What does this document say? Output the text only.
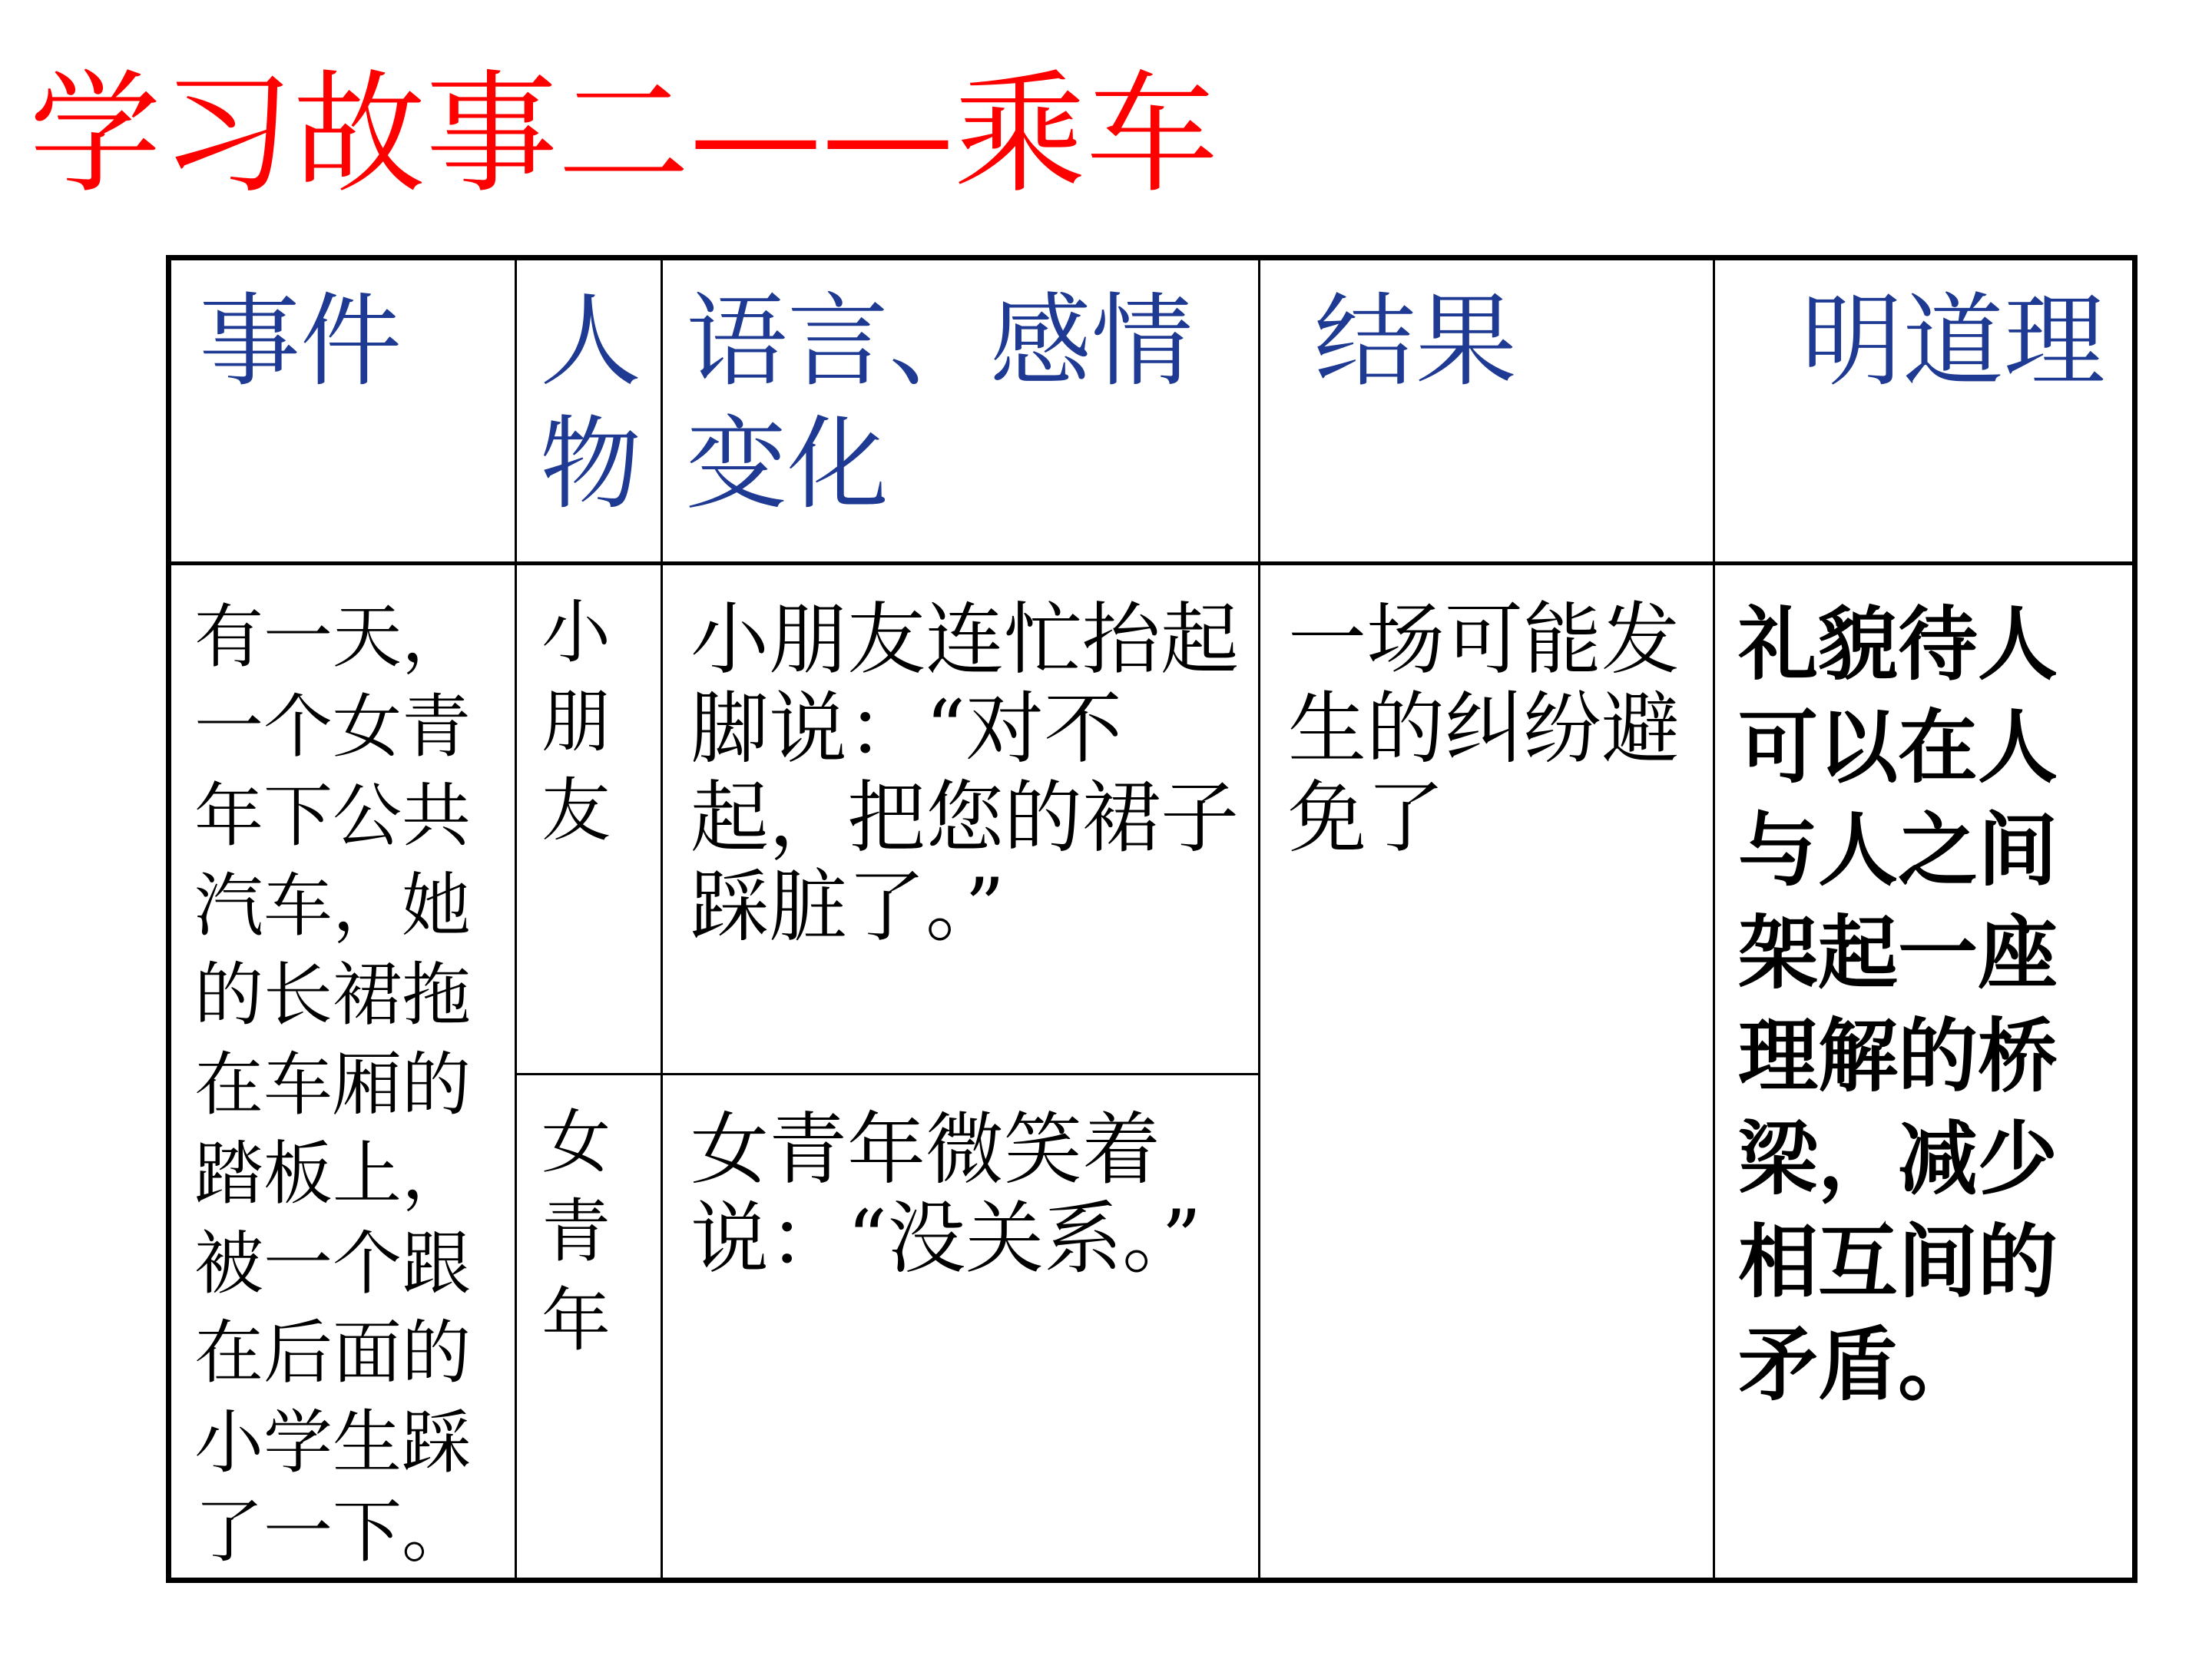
学习故事二——乘车
事件	人物	语言、感情变化	结果	明道理

有一天，一个女青年下公共汽车，她的长裙拖在车厢的踏板上，被一个跟在后面的小学生踩了一下。	小朋友	小朋友连忙抬起脚说：“对不起，把您的裙子踩脏了。”	一场可能发生的纠纷避免了	礼貌待人可以在人与人之间架起一座理解的桥梁，减少相互间的矛盾。

	女青年	女青年微笑着说：“没关系。”		
